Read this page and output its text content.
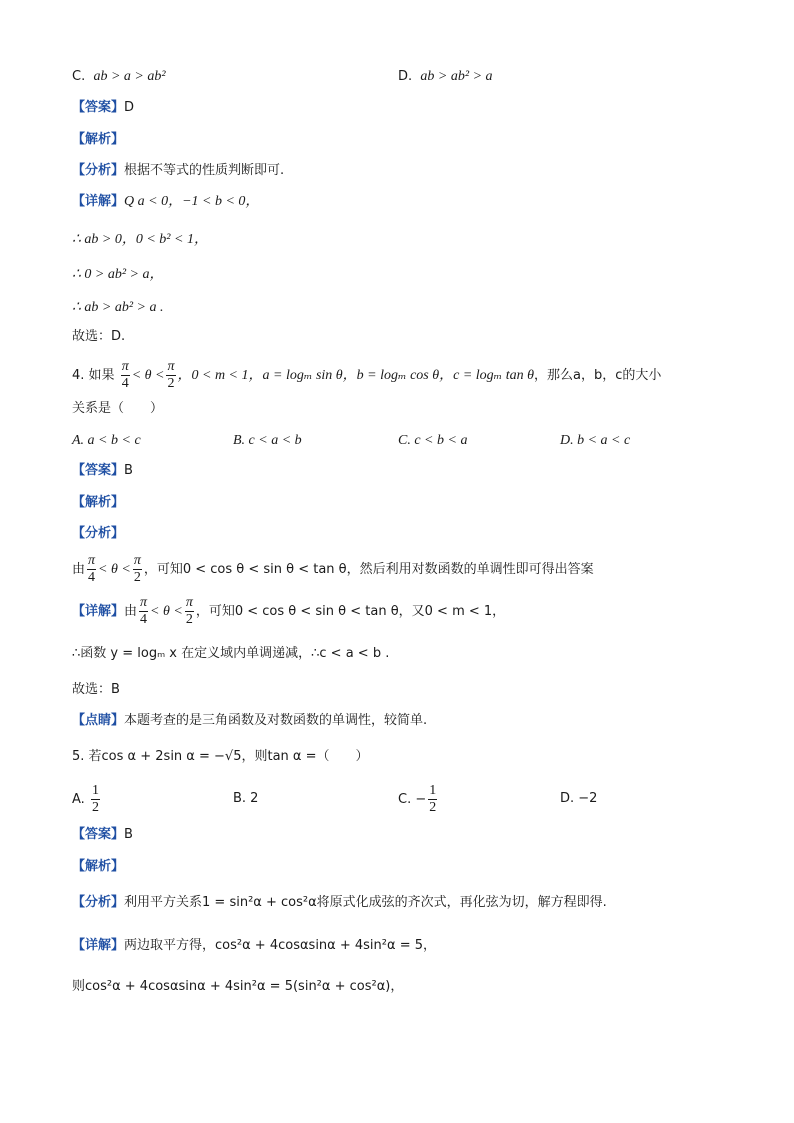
C. ab > a > ab²	D. ab > ab² > a
【答案】D
【解析】
【分析】根据不等式的性质判断即可.
【详解】Q a < 0，−1 < b < 0，
∴ ab > 0，0 < b² < 1，
∴ 0 > ab² > a，
∴ ab > ab² > a .
故选：D.
4. 如果 $\frac{\pi}{4} < \theta < \frac{\pi}{2}$ ，0 < m < 1，a = logₘ sin θ，b = logₘ cos θ，c = logₘ tan θ，那么a，b，c的大小
关系是（　　）
A. a < b < c	B. c < a < b	C. c < b < a	D. b < a < c
【答案】B
【解析】
【分析】
由 $\frac{\pi}{4} < \theta < \frac{\pi}{2}$ ，可知0 < cos θ < sin θ < tan θ，然后利用对数函数的单调性即可得出答案
【详解】由 $\frac{\pi}{4} < \theta < \frac{\pi}{2}$ ，可知0 < cos θ < sin θ < tan θ，又0 < m < 1，
∴函数 y = logₘ x 在定义域内单调递减，∴c < a < b .
故选：B
【点睛】本题考查的是三角函数及对数函数的单调性，较简单.
5. 若cos α + 2sin α = −√5，则tan α =（　　）
A. $\frac{1}{2}$	B. 2	C. − $\frac{1}{2}$	D. −2
【答案】B
【解析】
【分析】利用平方关系1 = sin²α + cos²α将原式化成弦的齐次式，再化弦为切，解方程即得.
【详解】两边取平方得，cos²α + 4cosαsinα + 4sin²α = 5，
则cos²α + 4cosαsinα + 4sin²α = 5(sin²α + cos²α)，
